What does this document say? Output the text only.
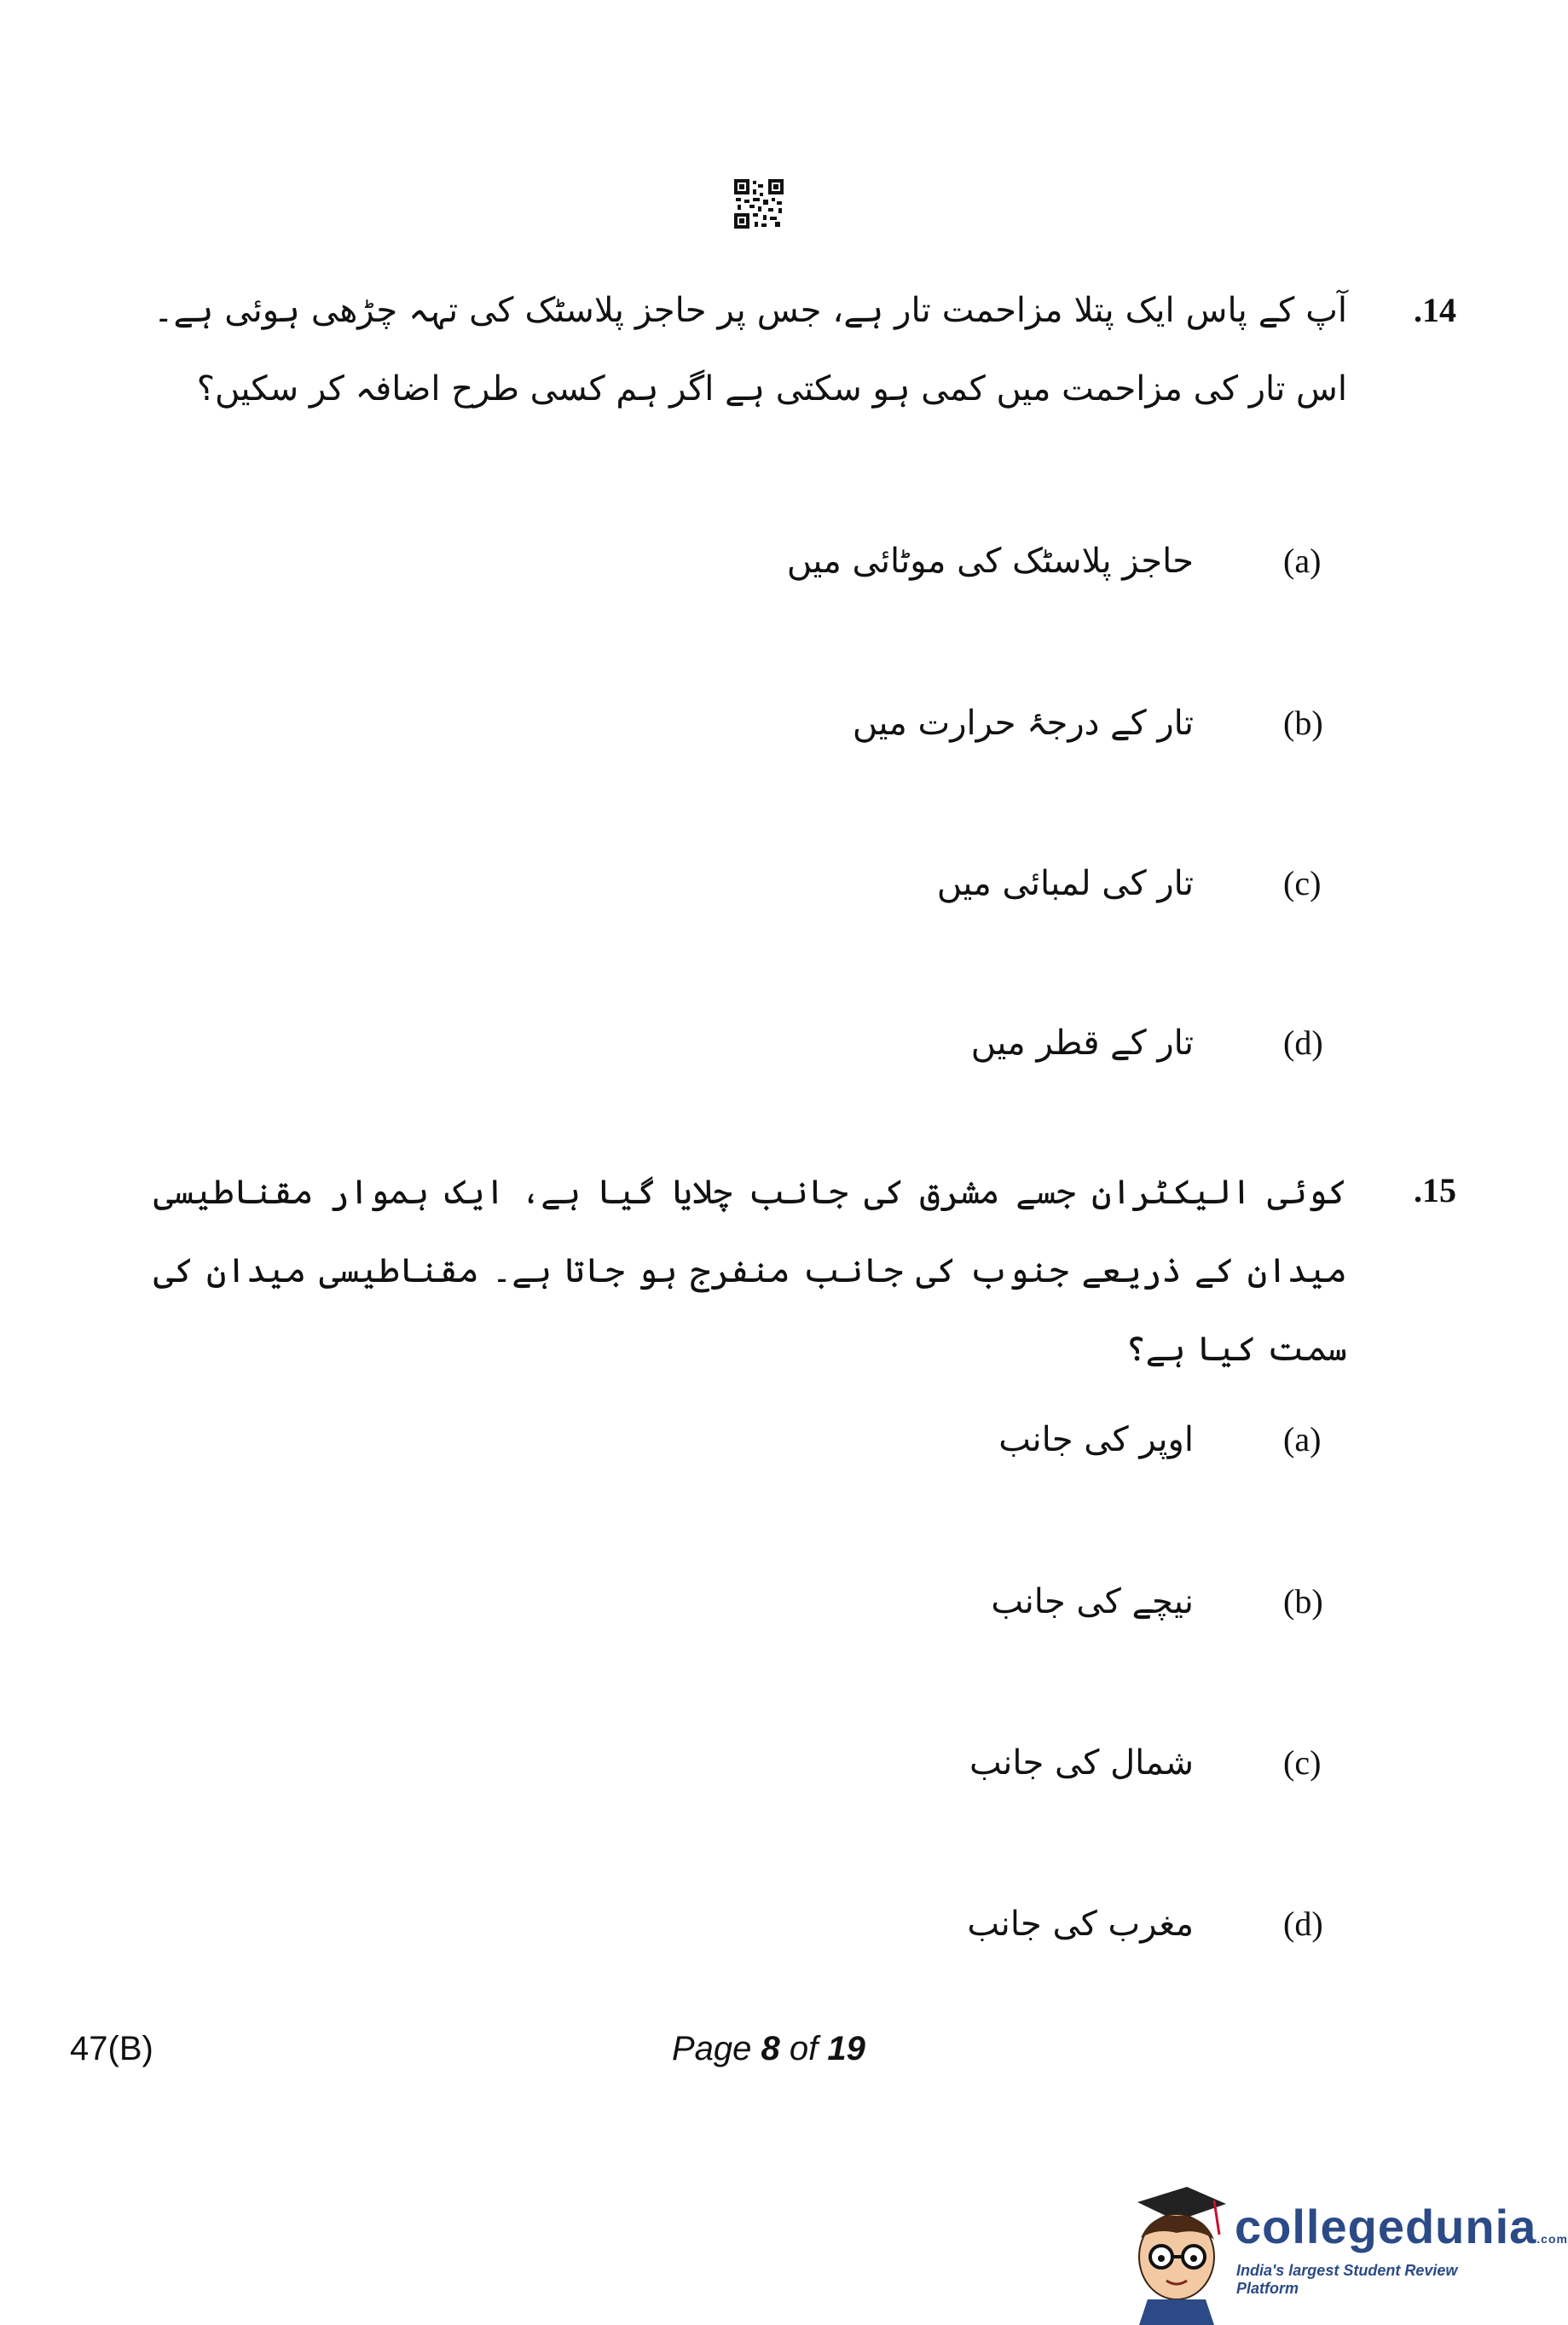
.14
آپ کے پاس ایک پتلا مزاحمت تار ہے، جس پر حاجز پلاسٹک کی تہہ چڑھی ہوئی ہے۔ اس تار کی مزاحمت میں کمی ہو سکتی ہے اگر ہم کسی طرح اضافہ کر سکیں؟
(a)
حاجز پلاسٹک کی موٹائی میں
(b)
تار کے درجۂ حرارت میں
(c)
تار کی لمبائی میں
(d)
تار کے قطر میں
.15
کوئی الیکٹران جسے مشرق کی جانب چلایا گیا ہے، ایک ہموار مقناطیسی میدان کے ذریعے جنوب کی جانب منفرج ہو جاتا ہے۔ مقناطیسی میدان کی سمت کیا ہے؟
(a)
اوپر کی جانب
(b)
نیچے کی جانب
(c)
شمال کی جانب
(d)
مغرب کی جانب
47(B)	Page 8 of 19
collegedunia.com
India's largest Student Review Platform
